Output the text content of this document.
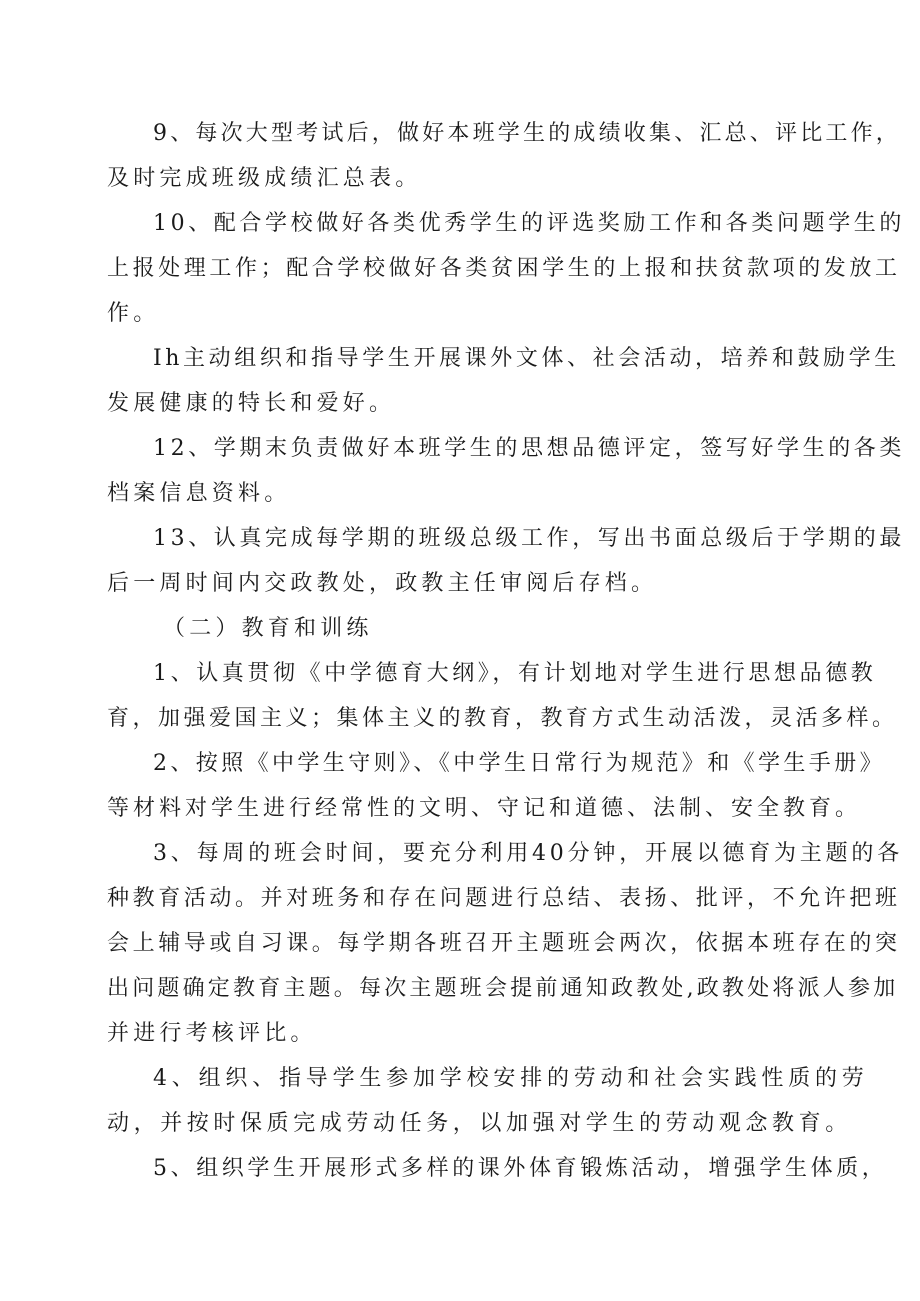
9、每次大型考试后，做好本班学生的成绩收集、汇总、评比工作，
及时完成班级成绩汇总表。
10、配合学校做好各类优秀学生的评选奖励工作和各类问题学生的
上报处理工作；配合学校做好各类贫困学生的上报和扶贫款项的发放工
作。
Ih主动组织和指导学生开展课外文体、社会活动，培养和鼓励学生
发展健康的特长和爱好。
12、学期末负责做好本班学生的思想品德评定，签写好学生的各类
档案信息资料。
13、认真完成每学期的班级总级工作，写出书面总级后于学期的最
后一周时间内交政教处，政教主任审阅后存档。
（二）教育和训练
1、认真贯彻《中学德育大纲》，有计划地对学生进行思想品德教
育，加强爱国主义；集体主义的教育，教育方式生动活泼，灵活多样。
2、按照《中学生守则》、《中学生日常行为规范》和《学生手册》
等材料对学生进行经常性的文明、守记和道德、法制、安全教育。
3、每周的班会时间，要充分利用40分钟，开展以德育为主题的各
种教育活动。并对班务和存在问题进行总结、表扬、批评，不允许把班
会上辅导或自习课。每学期各班召开主题班会两次，依据本班存在的突
出问题确定教育主题。每次主题班会提前通知政教处,政教处将派人参加
并进行考核评比。
4、组织、指导学生参加学校安排的劳动和社会实践性质的劳
动，并按时保质完成劳动任务，以加强对学生的劳动观念教育。
5、组织学生开展形式多样的课外体育锻炼活动，增强学生体质，
